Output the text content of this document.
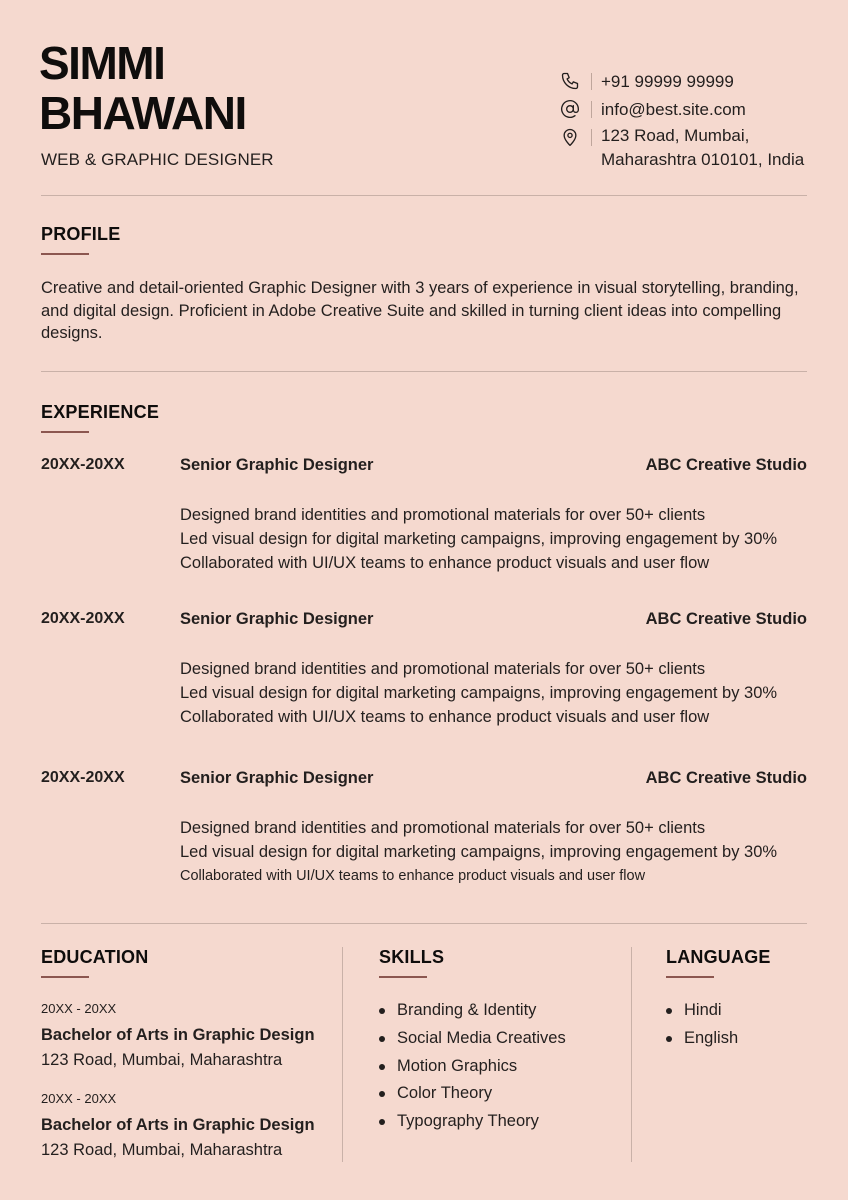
SIMMI
BHAWANI
WEB & GRAPHIC DESIGNER
+91 99999 99999
info@best.site.com
123 Road, Mumbai,
Maharashtra 010101, India
PROFILE

Creative and detail-oriented Graphic Designer with 3 years of experience in visual storytelling, branding, and digital design. Proficient in Adobe Creative Suite and skilled in turning client ideas into compelling designs.

EXPERIENCE
20XX-20XX	Senior Graphic Designer	ABC Creative Studio
Designed brand identities and promotional materials for over 50+ clients
Led visual design for digital marketing campaigns, improving engagement by 30%
Collaborated with UI/UX teams to enhance product visuals and user flow
20XX-20XX	Senior Graphic Designer	ABC Creative Studio
Designed brand identities and promotional materials for over 50+ clients
Led visual design for digital marketing campaigns, improving engagement by 30%
Collaborated with UI/UX teams to enhance product visuals and user flow
20XX-20XX	Senior Graphic Designer	ABC Creative Studio
Designed brand identities and promotional materials for over 50+ clients
Led visual design for digital marketing campaigns, improving engagement by 30%
Collaborated with UI/UX teams to enhance product visuals and user flow
EDUCATION
20XX - 20XX
Bachelor of Arts in Graphic Design
123 Road, Mumbai, Maharashtra
20XX - 20XX
Bachelor of Arts in Graphic Design
123 Road, Mumbai, Maharashtra
SKILLS
Branding & Identity
Social Media Creatives
Motion Graphics
Color Theory
Typography Theory
LANGUAGE
Hindi
English
